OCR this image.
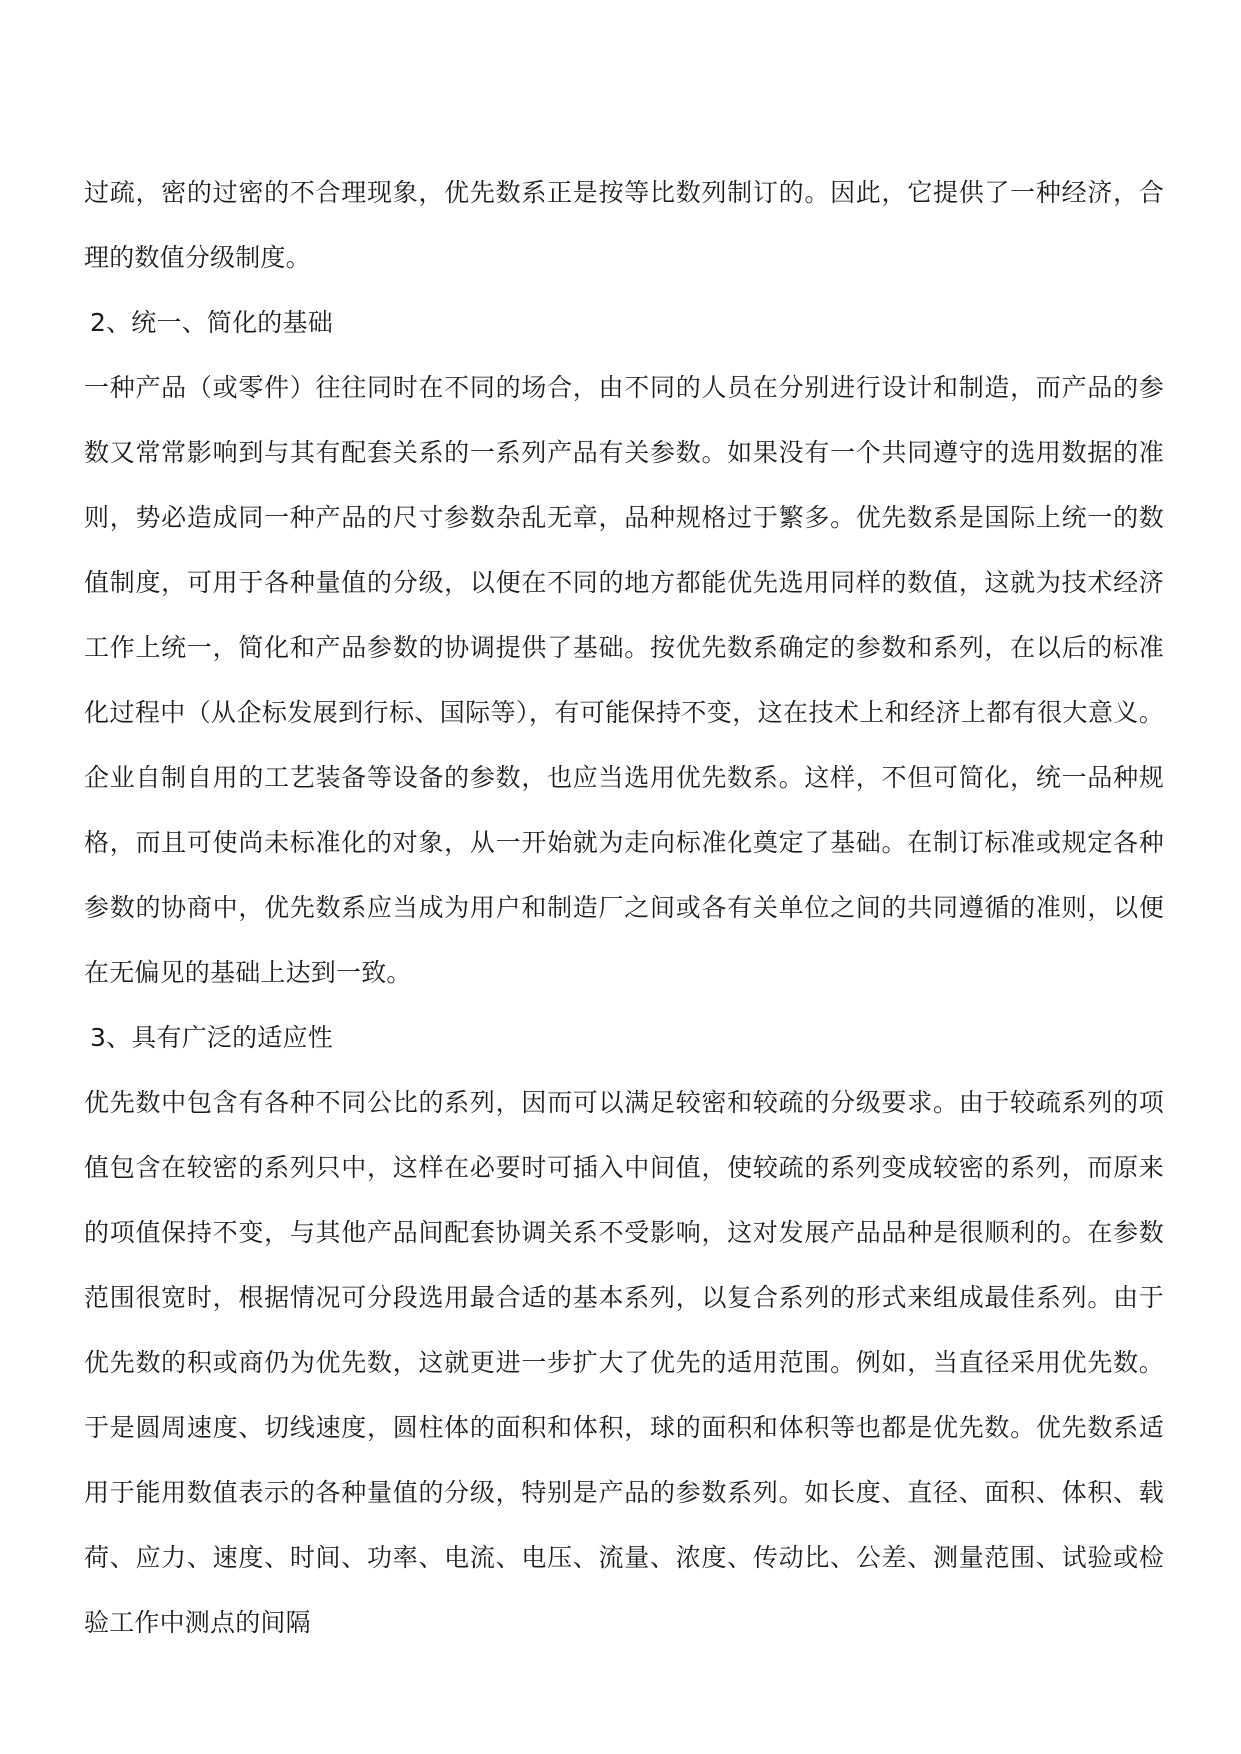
过疏，密的过密的不合理现象，优先数系正是按等比数列制订的。因此，它提供了一种经济，合理的数值分级制度。

2、统一、简化的基础

一种产品（或零件）往往同时在不同的场合，由不同的人员在分别进行设计和制造，而产品的参数又常常影响到与其有配套关系的一系列产品有关参数。如果没有一个共同遵守的选用数据的准则，势必造成同一种产品的尺寸参数杂乱无章，品种规格过于繁多。优先数系是国际上统一的数值制度，可用于各种量值的分级，以便在不同的地方都能优先选用同样的数值，这就为技术经济工作上统一，简化和产品参数的协调提供了基础。按优先数系确定的参数和系列，在以后的标准化过程中（从企标发展到行标、国际等），有可能保持不变，这在技术上和经济上都有很大意义。企业自制自用的工艺装备等设备的参数，也应当选用优先数系。这样，不但可简化，统一品种规格，而且可使尚未标准化的对象，从一开始就为走向标准化奠定了基础。在制订标准或规定各种参数的协商中，优先数系应当成为用户和制造厂之间或各有关单位之间的共同遵循的准则，以便在无偏见的基础上达到一致。

3、具有广泛的适应性

优先数中包含有各种不同公比的系列，因而可以满足较密和较疏的分级要求。由于较疏系列的项值包含在较密的系列只中，这样在必要时可插入中间值，使较疏的系列变成较密的系列，而原来的项值保持不变，与其他产品间配套协调关系不受影响，这对发展产品品种是很顺利的。在参数范围很宽时，根据情况可分段选用最合适的基本系列，以复合系列的形式来组成最佳系列。由于优先数的积或商仍为优先数，这就更进一步扩大了优先的适用范围。例如，当直径采用优先数。于是圆周速度、切线速度，圆柱体的面积和体积，球的面积和体积等也都是优先数。优先数系适用于能用数值表示的各种量值的分级，特别是产品的参数系列。如长度、直径、面积、体积、载荷、应力、速度、时间、功率、电流、电压、流量、浓度、传动比、公差、测量范围、试验或检验工作中测点的间隔
